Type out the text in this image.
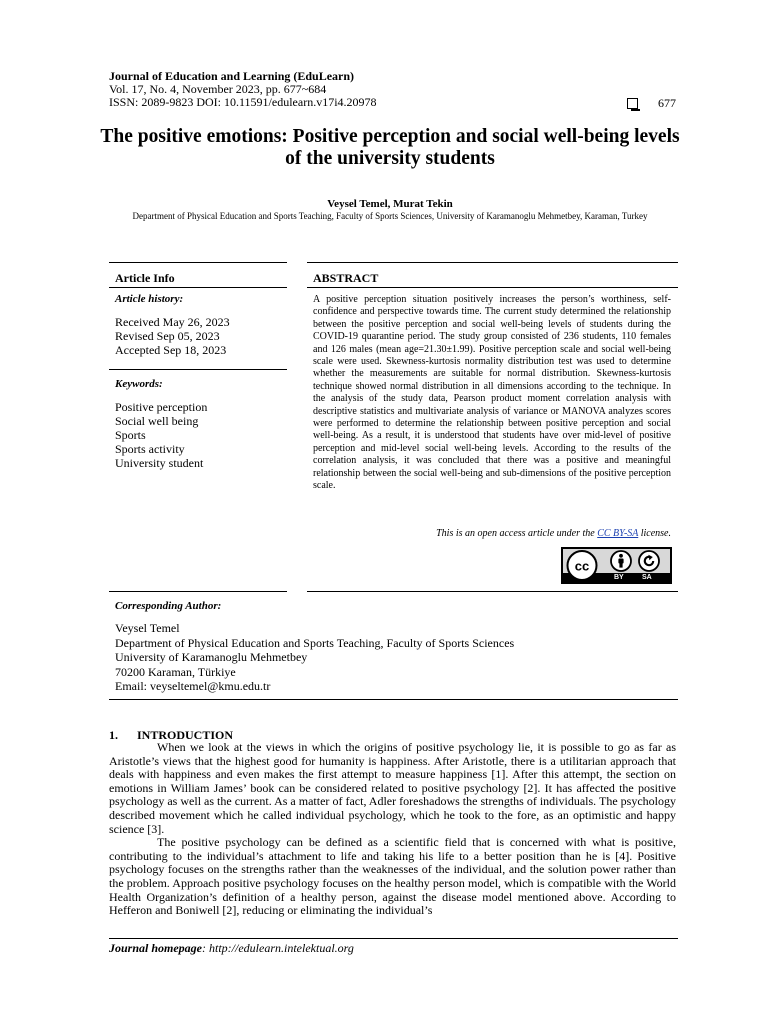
Journal of Education and Learning (EduLearn)
Vol. 17, No. 4, November 2023, pp. 677~684
ISSN: 2089-9823 DOI: 10.11591/edulearn.v17i4.20978	677
The positive emotions: Positive perception and social well-being levels of the university students
Veysel Temel, Murat Tekin
Department of Physical Education and Sports Teaching, Faculty of Sports Sciences, University of Karamanoglu Mehmetbey, Karaman, Turkey
Article Info
Article history:
Received May 26, 2023
Revised Sep 05, 2023
Accepted Sep 18, 2023
Keywords:
Positive perception
Social well being
Sports
Sports activity
University student
ABSTRACT
A positive perception situation positively increases the person’s worthiness, self-confidence and perspective towards time. The current study determined the relationship between the positive perception and social well-being levels of students during the COVID-19 quarantine period. The study group consisted of 236 students, 110 females and 126 males (mean age=21.30±1.99). Positive perception scale and social well-being scale were used. Skewness-kurtosis normality distribution test was used to determine whether the measurements are suitable for normal distribution. Skewness-kurtosis technique showed normal distribution in all dimensions according to the technique. In the analysis of the study data, Pearson product moment correlation analysis with descriptive statistics and multivariate analysis of variance or MANOVA analyzes scores were performed to determine the relationship between positive perception and social well-being. As a result, it is understood that students have over mid-level of positive perception and mid-level social well-being levels. According to the results of the correlation analysis, it was concluded that there was a positive and meaningful relationship between the social well-being and sub-dimensions of the positive perception scale.
This is an open access article under the CC BY-SA license.
cc
BY	SA
Corresponding Author:
Veysel Temel
Department of Physical Education and Sports Teaching, Faculty of Sports Sciences
University of Karamanoglu Mehmetbey
70200 Karaman, Türkiye
Email: veyseltemel@kmu.edu.tr
1. INTRODUCTION

When we look at the views in which the origins of positive psychology lie, it is possible to go as far as Aristotle’s views that the highest good for humanity is happiness. After Aristotle, there is a utilitarian approach that deals with happiness and even makes the first attempt to measure happiness [1]. After this attempt, the section on emotions in William James’ book can be considered related to positive psychology [2]. It has affected the positive psychology as well as the current. As a matter of fact, Adler foreshadows the strengths of individuals. The psychology described movement which he called individual psychology, which he took to the fore, as an optimistic and happy science [3].

The positive psychology can be defined as a scientific field that is concerned with what is positive, contributing to the individual’s attachment to life and taking his life to a better position than he is [4]. Positive psychology focuses on the strengths rather than the weaknesses of the individual, and the solution power rather than the problem. Approach positive psychology focuses on the healthy person model, which is compatible with the World Health Organization’s definition of a healthy person, against the disease model mentioned above. According to Hefferon and Boniwell [2], reducing or eliminating the individual’s

Journal homepage: http://edulearn.intelektual.org
